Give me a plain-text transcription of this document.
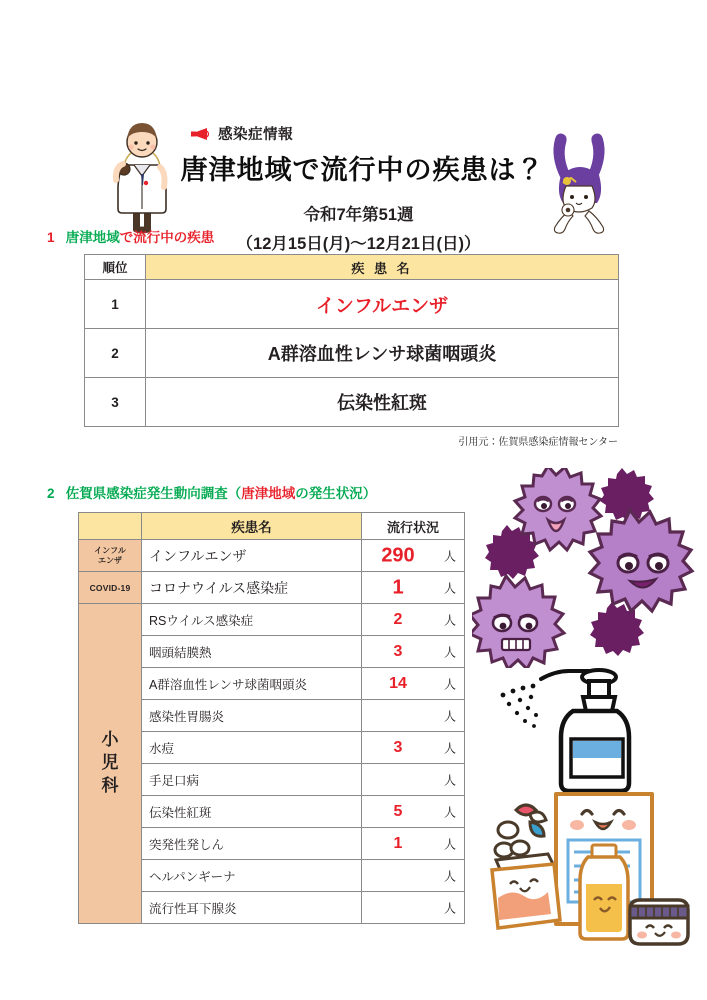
感染症情報
唐津地域で流行中の疾患は？
令和7年第51週
（12月15日(月)～12月21日(日)）
1 唐津地域で流行中の疾患
順位	疾 患 名
1	インフルエンザ
2	A群溶血性レンサ球菌咽頭炎
3	伝染性紅斑
引用元：佐賀県感染症情報センター
2 佐賀県感染症発生動向調査（唐津地域の発生状況）
	疾患名	流行状況
インフル
エンザ	インフルエンザ	290 人

COVID-19	コロナウイルス感染症	1 人

小
児
科	RSウイルス感染症	2 人

	咽頭結膜熱	3 人

	A群溶血性レンサ球菌咽頭炎	14 人

	感染性胃腸炎	人

	水痘	3 人

	手足口病	人

	伝染性紅斑	5 人

	突発性発しん	1 人

	ヘルパンギーナ	人

	流行性耳下腺炎	人
